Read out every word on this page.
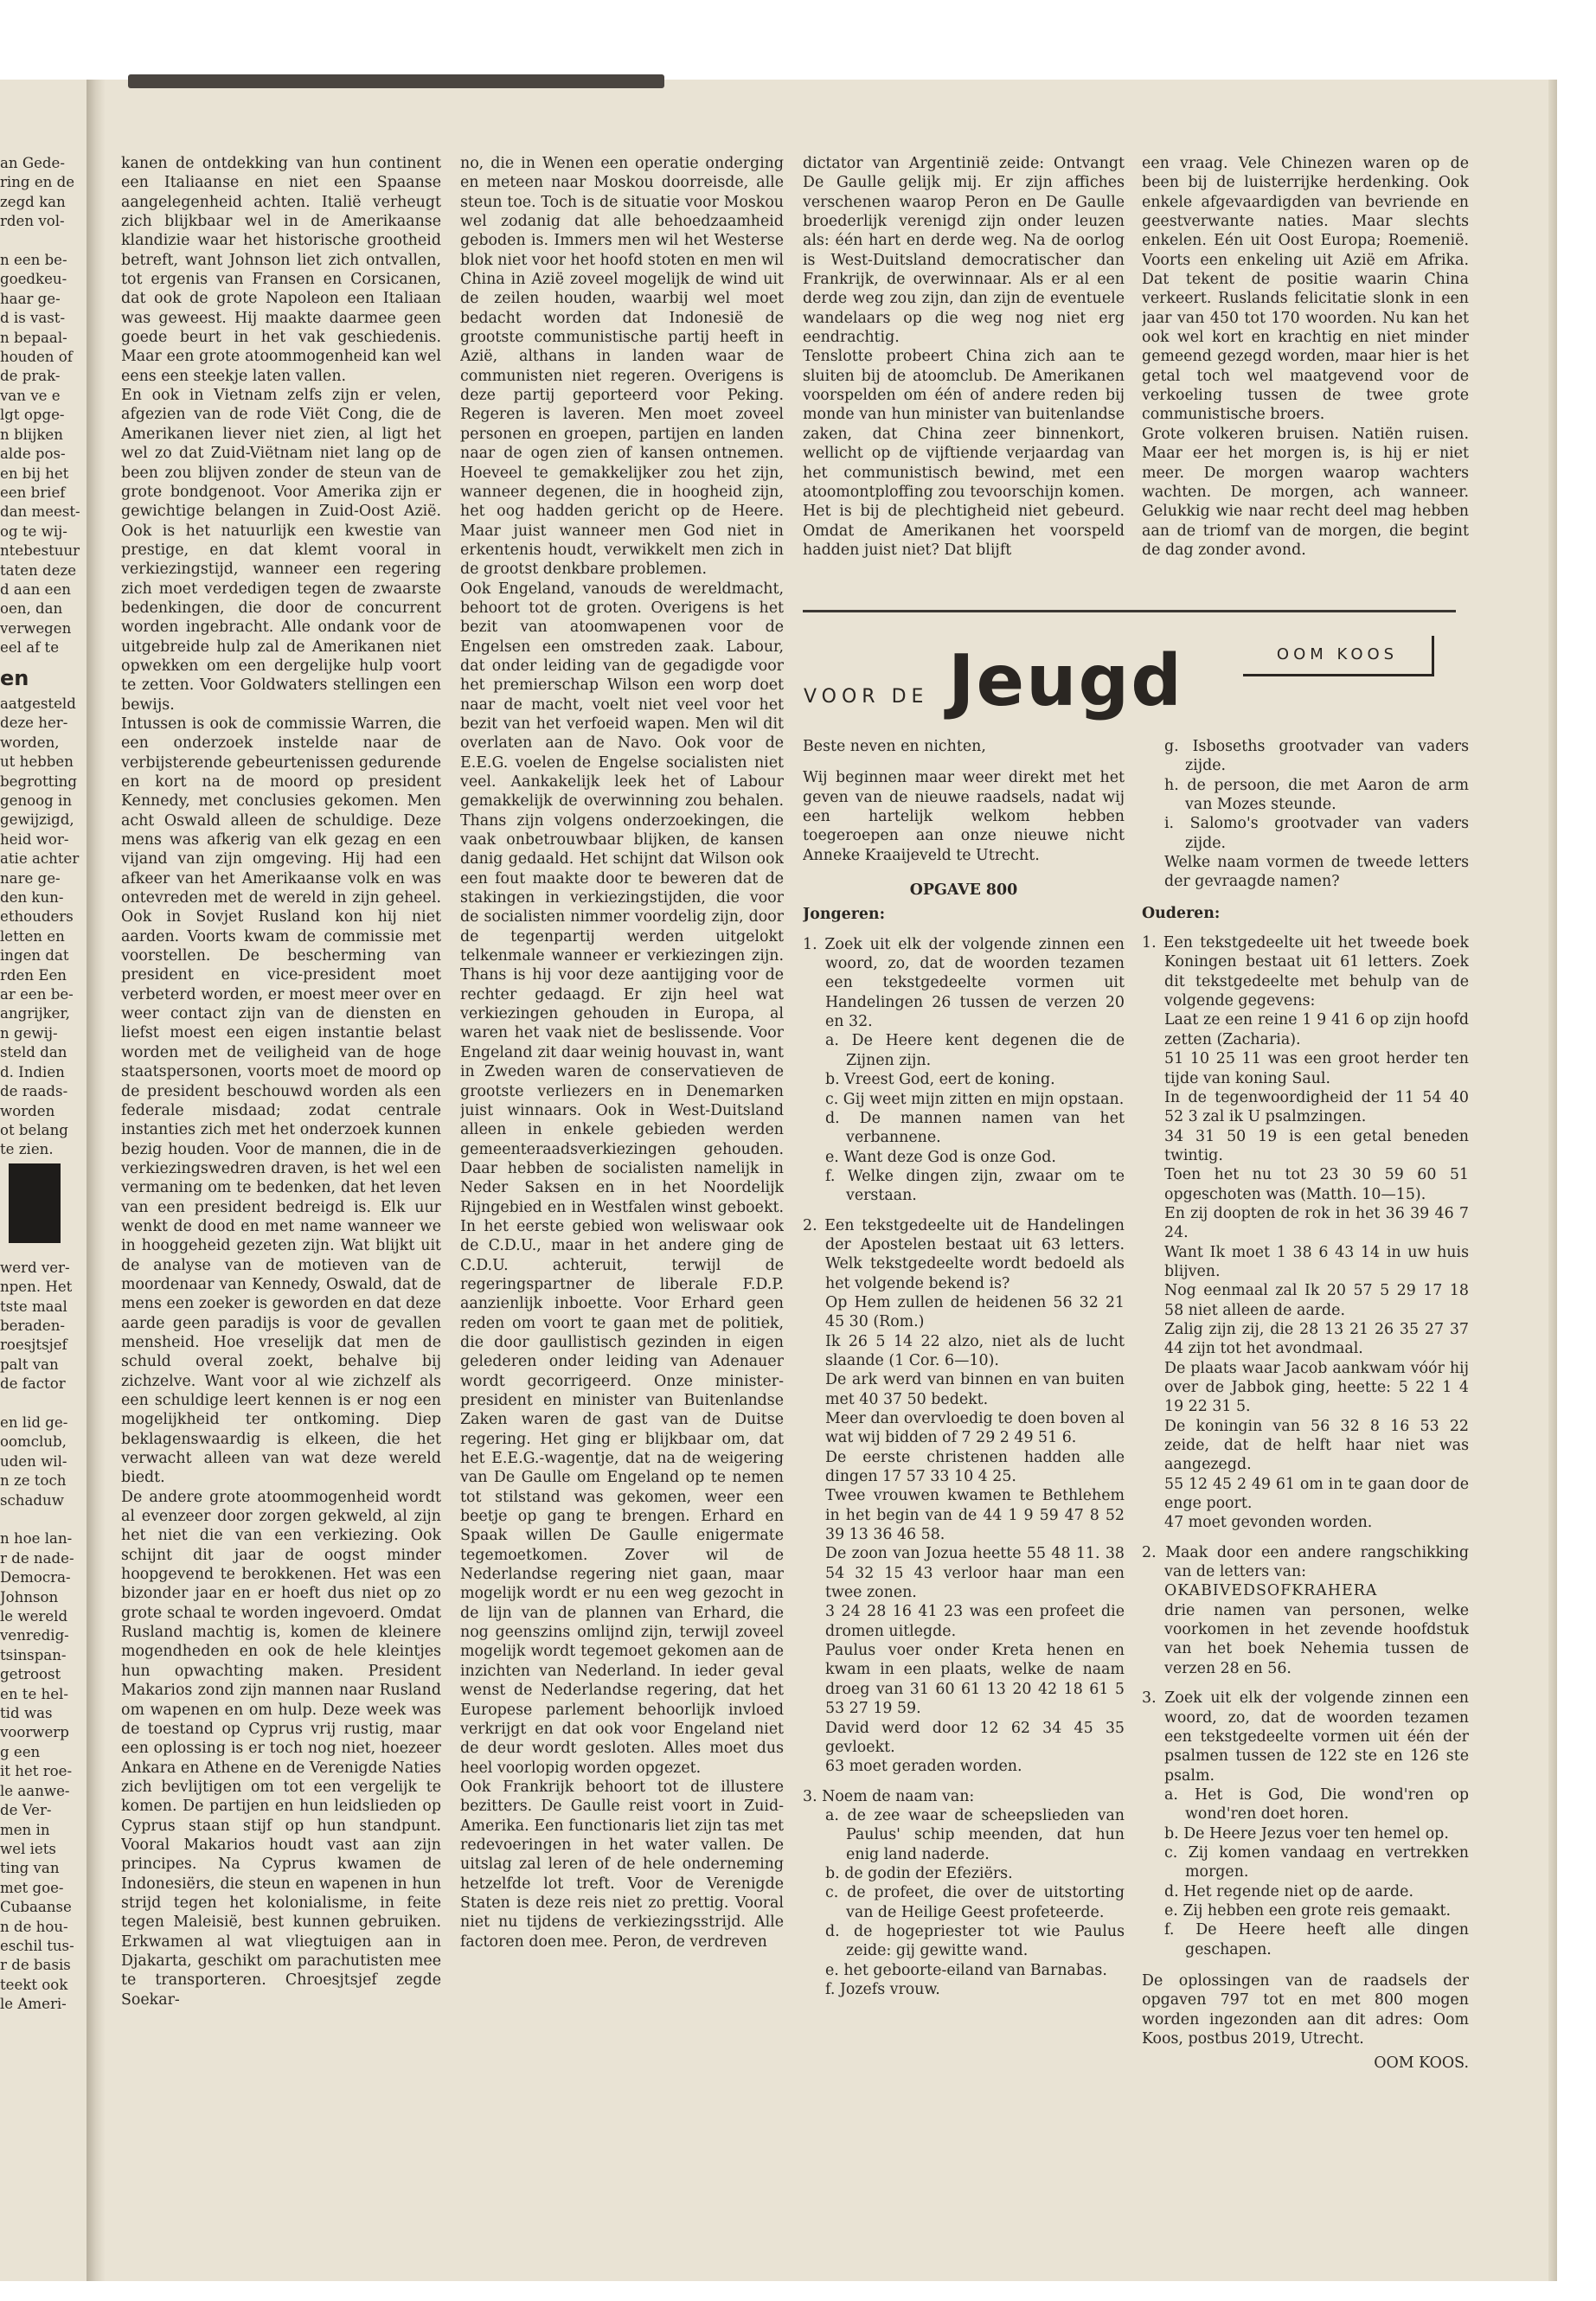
an Gede-

ring en de

zegd kan

rden vol-

n een be-

goedkeu-

haar ge-

d is vast-

n bepaal-

houden of

de prak-

van ve e

lgt opge-

n blijken

alde pos-

en bij het

een brief

dan meest-

og te wij-

ntebestuur

taten deze

d aan een

oen, dan

verwegen

eel af te

en

aatgesteld

deze her-

worden,

ut hebben

begrotting

genoog in

gewijzigd,

heid wor-

atie achter

nare ge-

den kun-

ethouders

letten en

ingen dat

rden Een

ar een be-

angrijker,

n gewij-

steld dan

d. Indien

de raads-

worden

ot belang

te zien.

werd ver-

npen. Het

tste maal

beraden-

roesjtsjef

palt van

de factor

en lid ge-

oomclub,

uden wil-

n ze toch

schaduw

n hoe lan-

r de nade-

Democra-

Johnson

le wereld

venredig-

tsinspan-

getroost

en te hel-

tid was

voorwerp

g een

it het roe-

le aanwe-

de Ver-

men in

wel iets

ting van

met goe-

Cubaanse

n de hou-

eschil tus-

r de basis

teekt ook

le Ameri-

kanen de ontdekking van hun continent een Italiaanse en niet een Spaanse aangelegenheid achten. Italië verheugt zich blijkbaar wel in de Amerikaanse klandizie waar het historische grootheid betreft, want Johnson liet zich ontvallen, tot ergenis van Fransen en Corsicanen, dat ook de grote Napoleon een Italiaan was geweest. Hij maakte daarmee geen goede beurt in het vak geschiedenis. Maar een grote atoommogenheid kan wel eens een steekje laten vallen.

En ook in Vietnam zelfs zijn er velen, afgezien van de rode Viët Cong, die de Amerikanen liever niet zien, al ligt het wel zo dat Zuid-Viëtnam niet lang op de been zou blijven zonder de steun van de grote bondgenoot. Voor Amerika zijn er gewichtige belangen in Zuid-Oost Azië. Ook is het natuurlijk een kwestie van prestige, en dat klemt vooral in verkiezingstijd, wanneer een regering zich moet verdedigen tegen de zwaarste bedenkingen, die door de concurrent worden ingebracht. Alle ondank voor de uitgebreide hulp zal de Amerikanen niet opwekken om een dergelijke hulp voort te zetten. Voor Goldwaters stellingen een bewijs.

Intussen is ook de commissie Warren, die een onderzoek instelde naar de verbijsterende gebeurtenissen gedurende en kort na de moord op president Kennedy, met conclusies gekomen. Men acht Oswald alleen de schuldige. Deze mens was afkerig van elk gezag en een vijand van zijn omgeving. Hij had een afkeer van het Amerikaanse volk en was ontevreden met de wereld in zijn geheel. Ook in Sovjet Rusland kon hij niet aarden. Voorts kwam de commissie met voorstellen. De bescherming van president en vice-president moet verbeterd worden, er moest meer over en weer contact zijn van de diensten en liefst moest een eigen instantie belast worden met de veiligheid van de hoge staatspersonen, voorts moet de moord op de president beschouwd worden als een federale misdaad; zodat centrale instanties zich met het onderzoek kunnen bezig houden. Voor de mannen, die in de verkiezingswedren draven, is het wel een vermaning om te bedenken, dat het leven van een president bedreigd is. Elk uur wenkt de dood en met name wanneer we in hooggeheid gezeten zijn. Wat blijkt uit de analyse van de motieven van de moordenaar van Kennedy, Oswald, dat de mens een zoeker is geworden en dat deze aarde geen paradijs is voor de gevallen mensheid. Hoe vreselijk dat men de schuld overal zoekt, behalve bij zichzelve. Want voor al wie zichzelf als een schuldige leert kennen is er nog een mogelijkheid ter ontkoming. Diep beklagenswaardig is elkeen, die het verwacht alleen van wat deze wereld biedt.

De andere grote atoommogenheid wordt al evenzeer door zorgen gekweld, al zijn het niet die van een verkiezing. Ook schijnt dit jaar de oogst minder hoopgevend te berokkenen. Het was een bizonder jaar en er hoeft dus niet op zo grote schaal te worden ingevoerd. Omdat Rusland machtig is, komen de kleinere mogendheden en ook de hele kleintjes hun opwachting maken. President Makarios zond zijn mannen naar Rusland om wapenen en om hulp. Deze week was de toestand op Cyprus vrij rustig, maar een oplossing is er toch nog niet, hoezeer Ankara en Athene en de Verenigde Naties zich bevlijtigen om tot een vergelijk te komen. De partijen en hun leidslieden op Cyprus staan stijf op hun standpunt. Vooral Makarios houdt vast aan zijn principes. Na Cyprus kwamen de Indonesiërs, die steun en wapenen in hun strijd tegen het kolonialisme, in feite tegen Maleisië, best kunnen gebruiken. Erkwamen al wat vliegtuigen aan in Djakarta, geschikt om parachutisten mee te transporteren. Chroesjtsjef zegde Soekar-

no, die in Wenen een operatie onderging en meteen naar Moskou doorreisde, alle steun toe. Toch is de situatie voor Moskou wel zodanig dat alle behoedzaamheid geboden is. Immers men wil het Westerse blok niet voor het hoofd stoten en men wil China in Azië zoveel mogelijk de wind uit de zeilen houden, waarbij wel moet bedacht worden dat Indonesië de grootste communistische partij heeft in Azië, althans in landen waar de communisten niet regeren. Overigens is deze partij geporteerd voor Peking. Regeren is laveren. Men moet zoveel personen en groepen, partijen en landen naar de ogen zien of kansen ontnemen. Hoeveel te gemakkelijker zou het zijn, wanneer degenen, die in hoogheid zijn, het oog hadden gericht op de Heere. Maar juist wanneer men God niet in erkentenis houdt, verwikkelt men zich in de grootst denkbare problemen.

Ook Engeland, vanouds de wereldmacht, behoort tot de groten. Overigens is het bezit van atoomwapenen voor de Engelsen een omstreden zaak. Labour, dat onder leiding van de gegadigde voor het premierschap Wilson een worp doet naar de macht, voelt niet veel voor het bezit van het verfoeid wapen. Men wil dit overlaten aan de Navo. Ook voor de E.E.G. voelen de Engelse socialisten niet veel. Aankakelijk leek het of Labour gemakkelijk de overwinning zou behalen. Thans zijn volgens onderzoekingen, die vaak onbetrouwbaar blijken, de kansen danig gedaald. Het schijnt dat Wilson ook een fout maakte door te beweren dat de stakingen in verkiezingstijden, die voor de socialisten nimmer voordelig zijn, door de tegenpartij werden uitgelokt telkenmale wanneer er verkiezingen zijn. Thans is hij voor deze aantijging voor de rechter gedaagd. Er zijn heel wat verkiezingen gehouden in Europa, al waren het vaak niet de beslissende. Voor Engeland zit daar weinig houvast in, want in Zweden waren de conservatieven de grootste verliezers en in Denemarken juist winnaars. Ook in West-Duitsland alleen in enkele gebieden werden gemeenteraadsverkiezingen gehouden. Daar hebben de socialisten namelijk in Neder Saksen en in het Noordelijk Rijngebied en in Westfalen winst geboekt. In het eerste gebied won weliswaar ook de C.D.U., maar in het andere ging de C.D.U. achteruit, terwijl de regeringspartner de liberale F.D.P. aanzienlijk inboette. Voor Erhard geen reden om voort te gaan met de politiek, die door gaullistisch gezinden in eigen gelederen onder leiding van Adenauer wordt gecorrigeerd. Onze minister-president en minister van Buitenlandse Zaken waren de gast van de Duitse regering. Het ging er blijkbaar om, dat het E.E.G.-wagentje, dat na de weigering van De Gaulle om Engeland op te nemen tot stilstand was gekomen, weer een beetje op gang te brengen. Erhard en Spaak willen De Gaulle enigermate tegemoetkomen. Zover wil de Nederlandse regering niet gaan, maar mogelijk wordt er nu een weg gezocht in de lijn van de plannen van Erhard, die nog geenszins omlijnd zijn, terwijl zoveel mogelijk wordt tegemoet gekomen aan de inzichten van Nederland. In ieder geval wenst de Nederlandse regering, dat het Europese parlement behoorlijk invloed verkrijgt en dat ook voor Engeland niet de deur wordt gesloten. Alles moet dus heel voorlopig worden opgezet.

Ook Frankrijk behoort tot de illustere bezitters. De Gaulle reist voort in Zuid-Amerika. Een functionaris liet zijn tas met redevoeringen in het water vallen. De uitslag zal leren of de hele onderneming hetzelfde lot treft. Voor de Verenigde Staten is deze reis niet zo prettig. Vooral niet nu tijdens de verkiezingsstrijd. Alle factoren doen mee. Peron, de verdreven

dictator van Argentinië zeide: Ontvangt De Gaulle gelijk mij. Er zijn affiches verschenen waarop Peron en De Gaulle broederlijk verenigd zijn onder leuzen als: één hart en derde weg. Na de oorlog is West-Duitsland democratischer dan Frankrijk, de overwinnaar. Als er al een derde weg zou zijn, dan zijn de eventuele wandelaars op die weg nog niet erg eendrachtig.

Tenslotte probeert China zich aan te sluiten bij de atoomclub. De Amerikanen voorspelden om één of andere reden bij monde van hun minister van buitenlandse zaken, dat China zeer binnenkort, wellicht op de vijftiende verjaardag van het communistisch bewind, met een atoomontploffing zou tevoorschijn komen. Het is bij de plechtigheid niet gebeurd. Omdat de Amerikanen het voorspeld hadden juist niet? Dat blijft

een vraag. Vele Chinezen waren op de been bij de luisterrijke herdenking. Ook enkele afgevaardigden van bevriende en geestverwante naties. Maar slechts enkelen. Eén uit Oost Europa; Roemenië. Voorts een enkeling uit Azië em Afrika. Dat tekent de positie waarin China verkeert. Ruslands felicitatie slonk in een jaar van 450 tot 170 woorden. Nu kan het ook wel kort en krachtig en niet minder gemeend gezegd worden, maar hier is het getal toch wel maatgevend voor de verkoeling tussen de twee grote communistische broers.

Grote volkeren bruisen. Natiën ruisen. Maar eer het morgen is, is hij er niet meer. De morgen waarop wachters wachten. De morgen, ach wanneer. Gelukkig wie naar recht deel mag hebben aan de triomf van de morgen, die begint de dag zonder avond.

OOM KOOS
VOOR DE Jeugd

Beste neven en nichten,

Wij beginnen maar weer direkt met het geven van de nieuwe raadsels, nadat wij een hartelijk welkom hebben toegeroepen aan onze nieuwe nicht Anneke Kraaijeveld te Utrecht.

OPGAVE 800

Jongeren:

1. Zoek uit elk der volgende zinnen een woord, zo, dat de woorden tezamen een tekstgedeelte vormen uit Handelingen 26 tussen de verzen 20 en 32.

a. De Heere kent degenen die de Zijnen zijn.

b. Vreest God, eert de koning.

c. Gij weet mijn zitten en mijn opstaan.

d. De mannen namen van het verbannene.

e. Want deze God is onze God.

f. Welke dingen zijn, zwaar om te verstaan.

2. Een tekstgedeelte uit de Handelingen der Apostelen bestaat uit 63 letters. Welk tekstgedeelte wordt bedoeld als het volgende bekend is?

Op Hem zullen de heidenen 56 32 21 45 30 (Rom.)

Ik 26 5 14 22 alzo, niet als de lucht slaande (1 Cor. 6—10).

De ark werd van binnen en van buiten met 40 37 50 bedekt.

Meer dan overvloedig te doen boven al wat wij bidden of 7 29 2 49 51 6.

De eerste christenen hadden alle dingen 17 57 33 10 4 25.

Twee vrouwen kwamen te Bethlehem in het begin van de 44 1 9 59 47 8 52 39 13 36 46 58.

De zoon van Jozua heette 55 48 11. 38 54 32 15 43 verloor haar man een twee zonen.

3 24 28 16 41 23 was een profeet die dromen uitlegde.

Paulus voer onder Kreta henen en kwam in een plaats, welke de naam droeg van 31 60 61 13 20 42 18 61 5 53 27 19 59.

David werd door 12 62 34 45 35 gevloekt.

63 moet geraden worden.

3. Noem de naam van:

a. de zee waar de scheepslieden van Paulus' schip meenden, dat hun enig land naderde.

b. de godin der Efeziërs.

c. de profeet, die over de uitstorting van de Heilige Geest profeteerde.

d. de hogepriester tot wie Paulus zeide: gij gewitte wand.

e. het geboorte-eiland van Barnabas.

f. Jozefs vrouw.

g. Isboseths grootvader van vaders zijde.

h. de persoon, die met Aaron de arm van Mozes steunde.

i. Salomo's grootvader van vaders zijde.

Welke naam vormen de tweede letters der gevraagde namen?

Ouderen:

1. Een tekstgedeelte uit het tweede boek Koningen bestaat uit 61 letters. Zoek dit tekstgedeelte met behulp van de volgende gegevens:

Laat ze een reine 1 9 41 6 op zijn hoofd zetten (Zacharia).

51 10 25 11 was een groot herder ten tijde van koning Saul.

In de tegenwoordigheid der 11 54 40 52 3 zal ik U psalmzingen.

34 31 50 19 is een getal beneden twintig.

Toen het nu tot 23 30 59 60 51 opgeschoten was (Matth. 10—15).

En zij doopten de rok in het 36 39 46 7 24.

Want Ik moet 1 38 6 43 14 in uw huis blijven.

Nog eenmaal zal Ik 20 57 5 29 17 18 58 niet alleen de aarde.

Zalig zijn zij, die 28 13 21 26 35 27 37 44 zijn tot het avondmaal.

De plaats waar Jacob aankwam vóór hij over de Jabbok ging, heette: 5 22 1 4 19 22 31 5.

De koningin van 56 32 8 16 53 22 zeide, dat de helft haar niet was aangezegd.

55 12 45 2 49 61 om in te gaan door de enge poort.

47 moet gevonden worden.

2. Maak door een andere rangschikking van de letters van:

OKABIVEDSOFKRAHERA

drie namen van personen, welke voorkomen in het zevende hoofdstuk van het boek Nehemia tussen de verzen 28 en 56.

3. Zoek uit elk der volgende zinnen een woord, zo, dat de woorden tezamen een tekstgedeelte vormen uit één der psalmen tussen de 122 ste en 126 ste psalm.

a. Het is God, Die wond'ren op wond'ren doet horen.

b. De Heere Jezus voer ten hemel op.

c. Zij komen vandaag en vertrekken morgen.

d. Het regende niet op de aarde.

e. Zij hebben een grote reis gemaakt.

f. De Heere heeft alle dingen geschapen.

De oplossingen van de raadsels der opgaven 797 tot en met 800 mogen worden ingezonden aan dit adres: Oom Koos, postbus 2019, Utrecht.

OOM KOOS.
